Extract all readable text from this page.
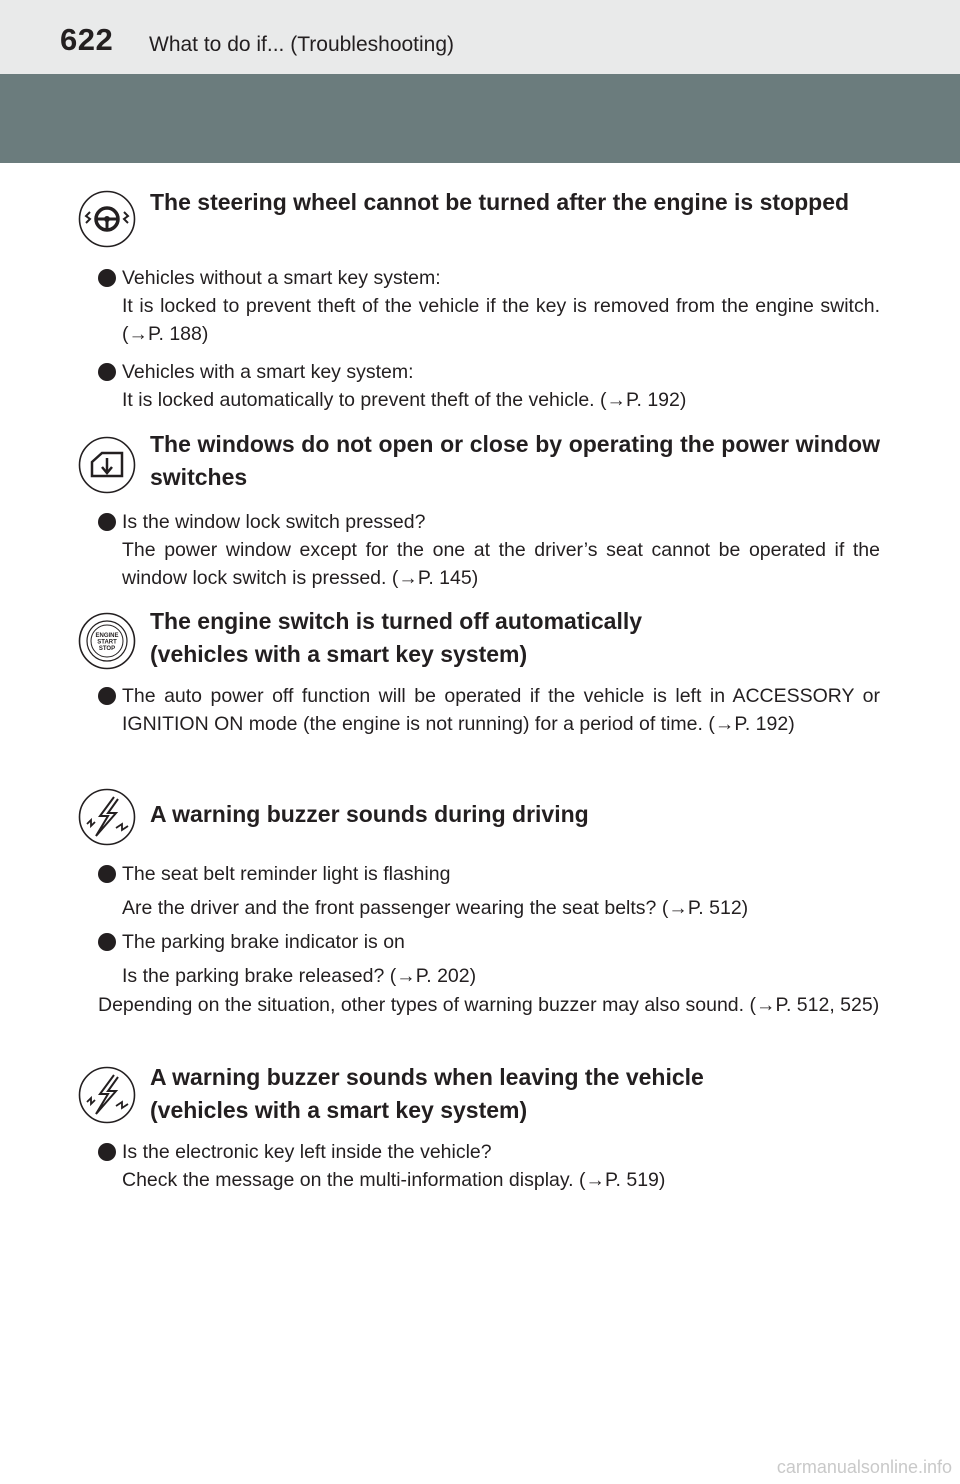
622 What to do if... (Troubleshooting)
The steering wheel cannot be turned after the engine is stopped

Vehicles without a smart key system:

It is locked to prevent theft of the vehicle if the key is removed from the engine switch. (→P. 188)

Vehicles with a smart key system:

It is locked automatically to prevent theft of the vehicle. (→P. 192)

The windows do not open or close by operating the power window switches

Is the window lock switch pressed?

The power window except for the one at the driver’s seat cannot be operated if the window lock switch is pressed. (→P. 145)

ENGINE
START
STOP
The engine switch is turned off automatically
(vehicles with a smart key system)

The auto power off function will be operated if the vehicle is left in ACCESSORY or IGNITION ON mode (the engine is not running) for a period of time. (→P. 192)

A warning buzzer sounds during driving

The seat belt reminder light is flashing

Are the driver and the front passenger wearing the seat belts? (→P. 512)

The parking brake indicator is on

Is the parking brake released? (→P. 202)

Depending on the situation, other types of warning buzzer may also sound. (→P. 512, 525)
A warning buzzer sounds when leaving the vehicle
(vehicles with a smart key system)

Is the electronic key left inside the vehicle?

Check the message on the multi-information display. (→P. 519)

carmanualsonline.info
